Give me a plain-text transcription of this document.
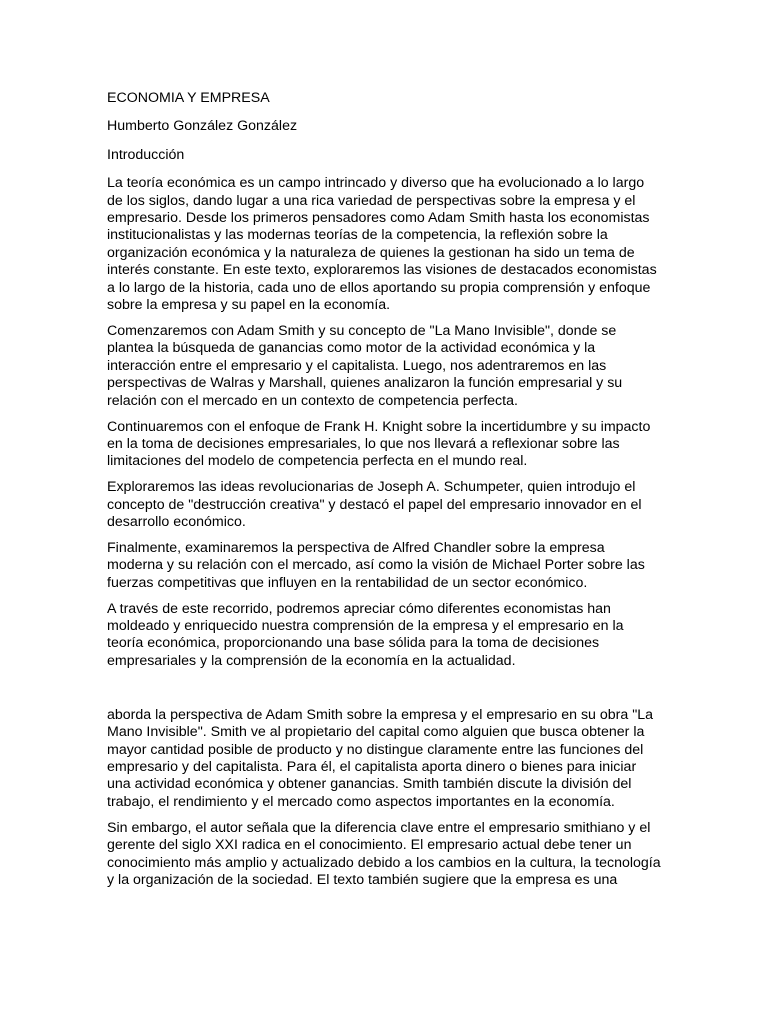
ECONOMIA Y EMPRESA

Humberto González González

Introducción

La teoría económica es un campo intrincado y diverso que ha evolucionado a lo largo de los siglos, dando lugar a una rica variedad de perspectivas sobre la empresa y el empresario. Desde los primeros pensadores como Adam Smith hasta los economistas institucionalistas y las modernas teorías de la competencia, la reflexión sobre la organización económica y la naturaleza de quienes la gestionan ha sido un tema de interés constante. En este texto, exploraremos las visiones de destacados economistas a lo largo de la historia, cada uno de ellos aportando su propia comprensión y enfoque sobre la empresa y su papel en la economía.

Comenzaremos con Adam Smith y su concepto de "La Mano Invisible", donde se plantea la búsqueda de ganancias como motor de la actividad económica y la interacción entre el empresario y el capitalista. Luego, nos adentraremos en las perspectivas de Walras y Marshall, quienes analizaron la función empresarial y su relación con el mercado en un contexto de competencia perfecta.

Continuaremos con el enfoque de Frank H. Knight sobre la incertidumbre y su impacto en la toma de decisiones empresariales, lo que nos llevará a reflexionar sobre las limitaciones del modelo de competencia perfecta en el mundo real.

Exploraremos las ideas revolucionarias de Joseph A. Schumpeter, quien introdujo el concepto de "destrucción creativa" y destacó el papel del empresario innovador en el desarrollo económico.

Finalmente, examinaremos la perspectiva de Alfred Chandler sobre la empresa moderna y su relación con el mercado, así como la visión de Michael Porter sobre las fuerzas competitivas que influyen en la rentabilidad de un sector económico.

A través de este recorrido, podremos apreciar cómo diferentes economistas han moldeado y enriquecido nuestra comprensión de la empresa y el empresario en la teoría económica, proporcionando una base sólida para la toma de decisiones empresariales y la comprensión de la economía en la actualidad.

aborda la perspectiva de Adam Smith sobre la empresa y el empresario en su obra "La Mano Invisible". Smith ve al propietario del capital como alguien que busca obtener la mayor cantidad posible de producto y no distingue claramente entre las funciones del empresario y del capitalista. Para él, el capitalista aporta dinero o bienes para iniciar una actividad económica y obtener ganancias. Smith también discute la división del trabajo, el rendimiento y el mercado como aspectos importantes en la economía.

Sin embargo, el autor señala que la diferencia clave entre el empresario smithiano y el gerente del siglo XXI radica en el conocimiento. El empresario actual debe tener un conocimiento más amplio y actualizado debido a los cambios en la cultura, la tecnología y la organización de la sociedad. El texto también sugiere que la empresa es una
